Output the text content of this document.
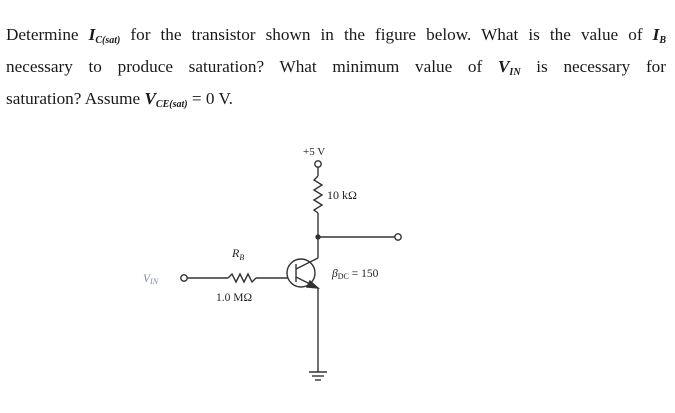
Determine $I_{C(sat)}$ for the transistor shown in the figure below. What is the value of $I_B$
necessary to produce saturation? What minimum value of $V_{IN}$ is necessary for
saturation? Assume $V_{CE(sat)} = 0$ V.
+5 V
10 kΩ
$R_B$
1.0 MΩ
VIN
βDC = 150
